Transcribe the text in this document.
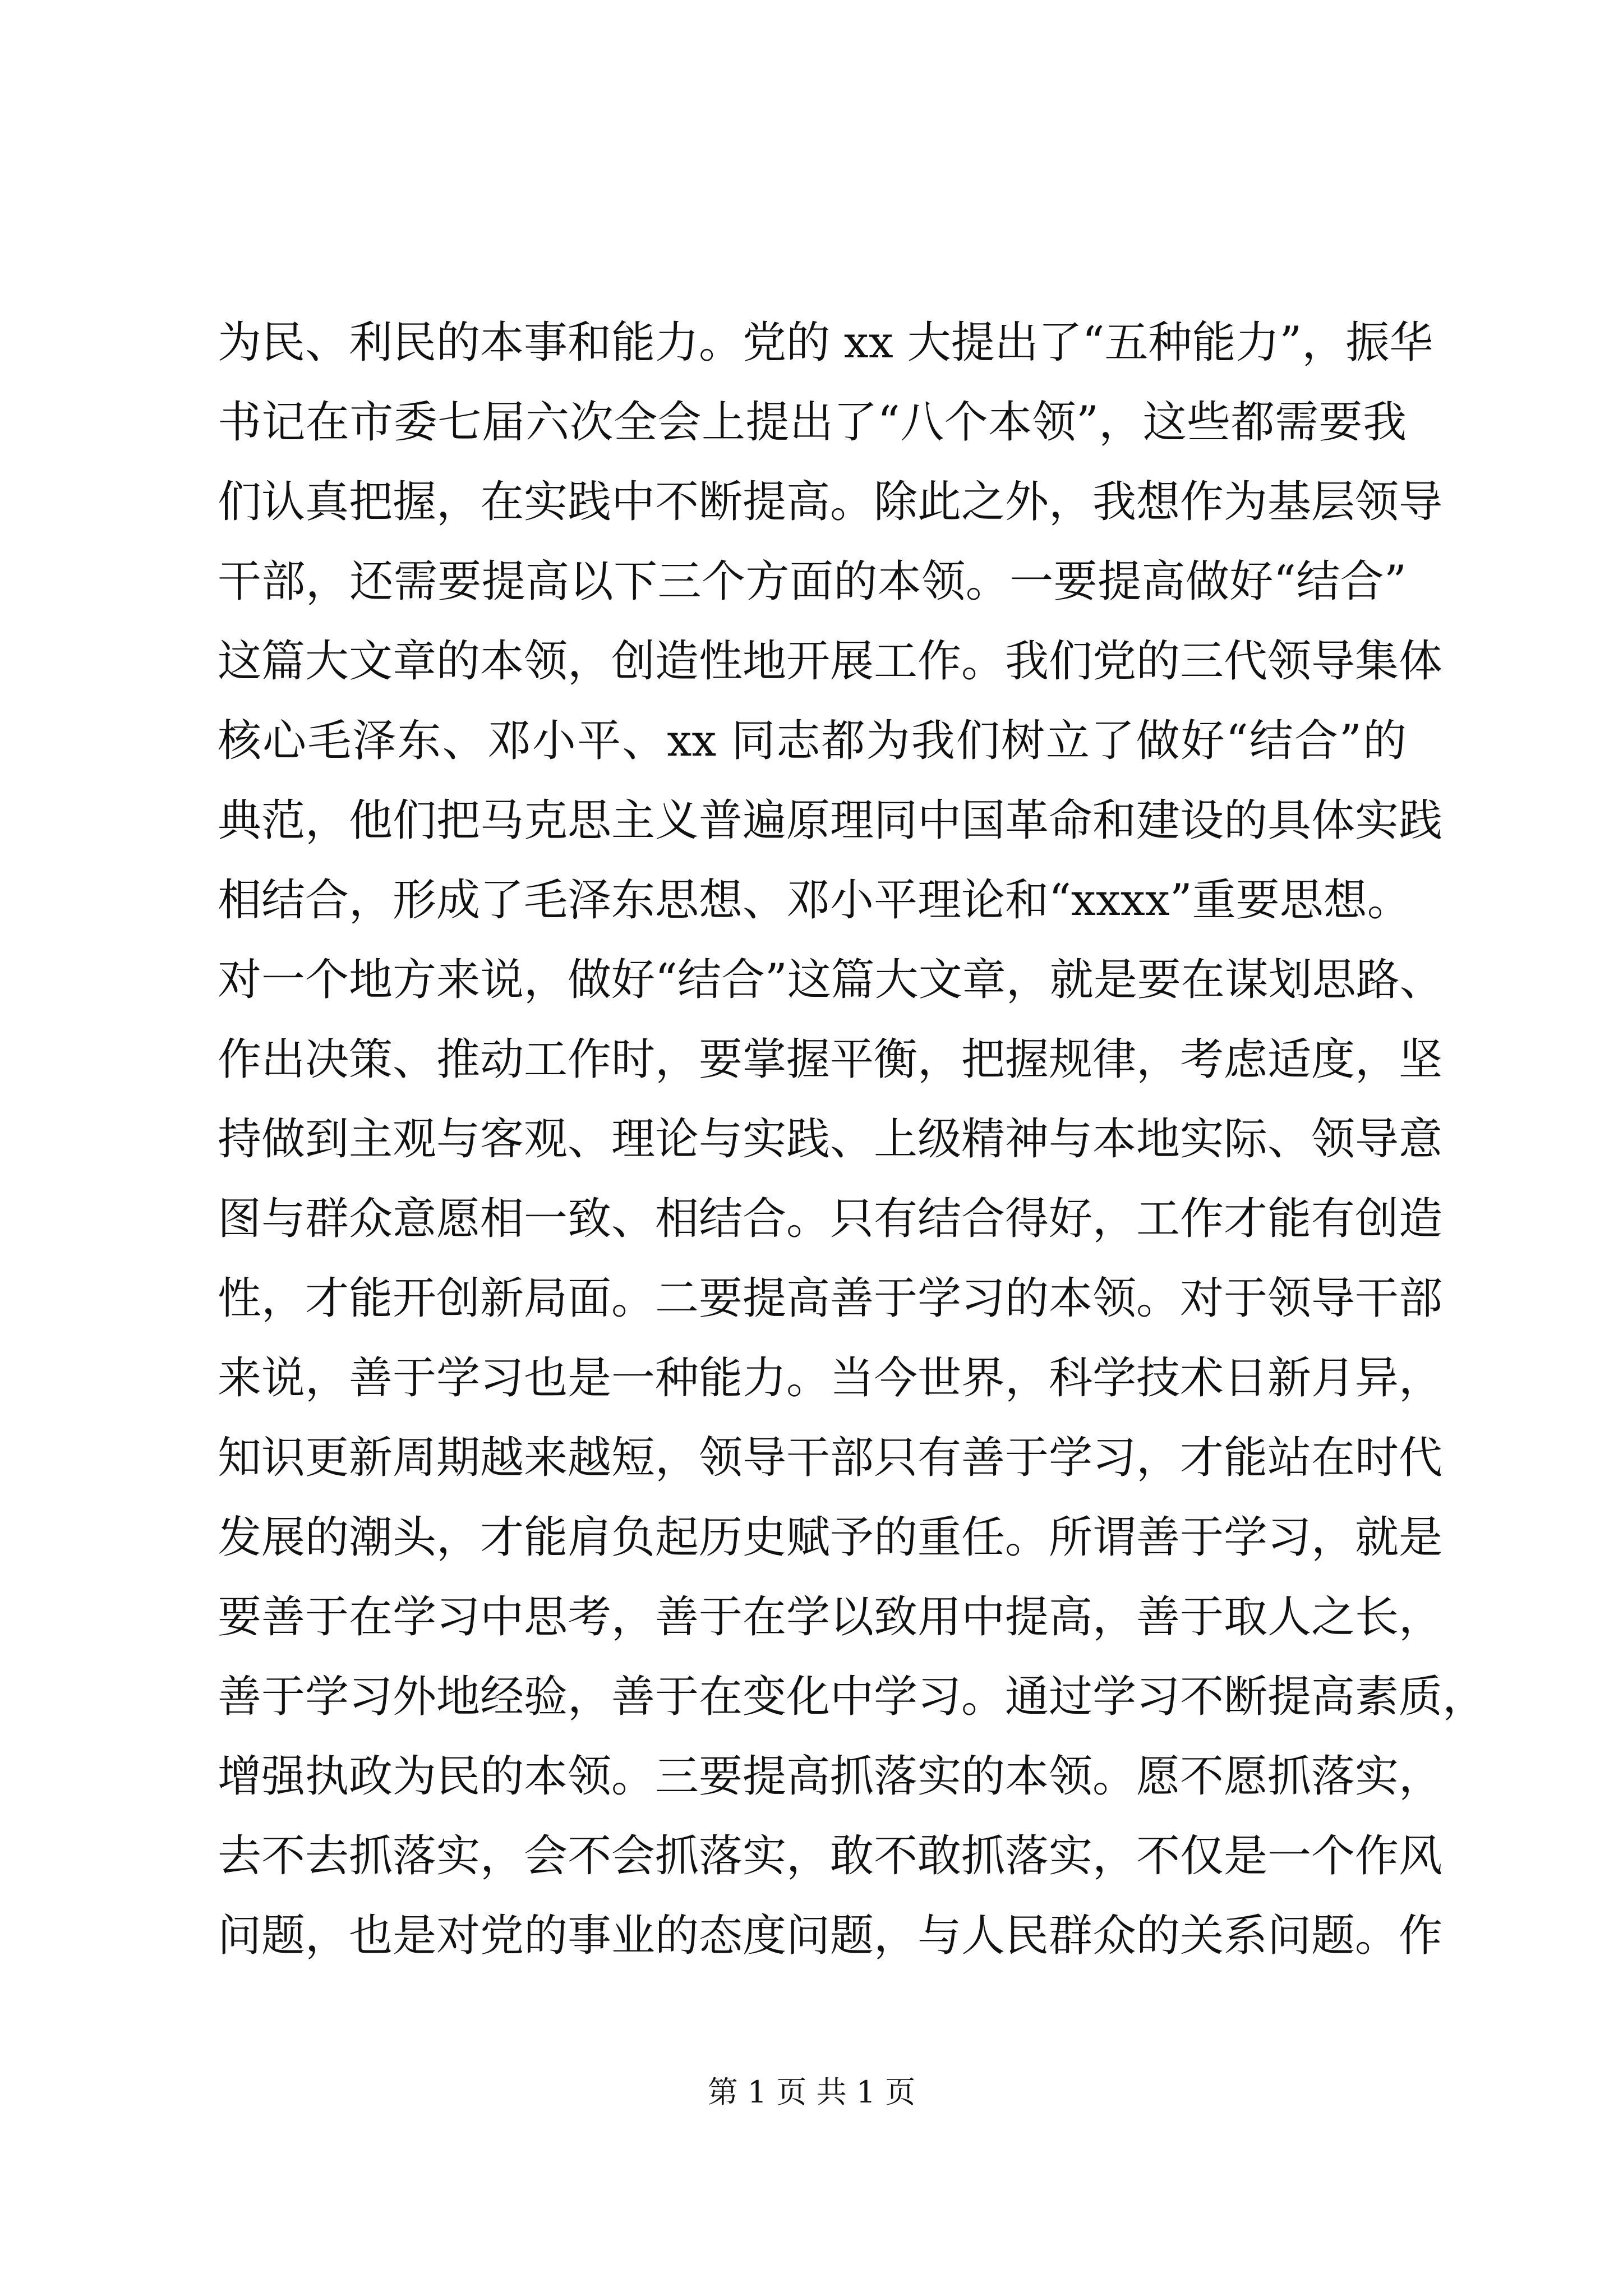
为民、利民的本事和能力。党的 xx 大提出了“五种能力”，振华
书记在市委七届六次全会上提出了“八个本领”，这些都需要我
们认真把握，在实践中不断提高。除此之外，我想作为基层领导
干部，还需要提高以下三个方面的本领。一要提高做好“结合”
这篇大文章的本领，创造性地开展工作。我们党的三代领导集体
核心毛泽东、邓小平、xx 同志都为我们树立了做好“结合”的
典范，他们把马克思主义普遍原理同中国革命和建设的具体实践
相结合，形成了毛泽东思想、邓小平理论和“xxxx”重要思想。
对一个地方来说，做好“结合”这篇大文章，就是要在谋划思路、
作出决策、推动工作时，要掌握平衡，把握规律，考虑适度，坚
持做到主观与客观、理论与实践、上级精神与本地实际、领导意
图与群众意愿相一致、相结合。只有结合得好，工作才能有创造
性，才能开创新局面。二要提高善于学习的本领。对于领导干部
来说，善于学习也是一种能力。当今世界，科学技术日新月异，
知识更新周期越来越短，领导干部只有善于学习，才能站在时代
发展的潮头，才能肩负起历史赋予的重任。所谓善于学习，就是
要善于在学习中思考，善于在学以致用中提高，善于取人之长，
善于学习外地经验，善于在变化中学习。通过学习不断提高素质，
增强执政为民的本领。三要提高抓落实的本领。愿不愿抓落实，
去不去抓落实，会不会抓落实，敢不敢抓落实，不仅是一个作风
问题，也是对党的事业的态度问题，与人民群众的关系问题。作
第 1 页 共 1 页
